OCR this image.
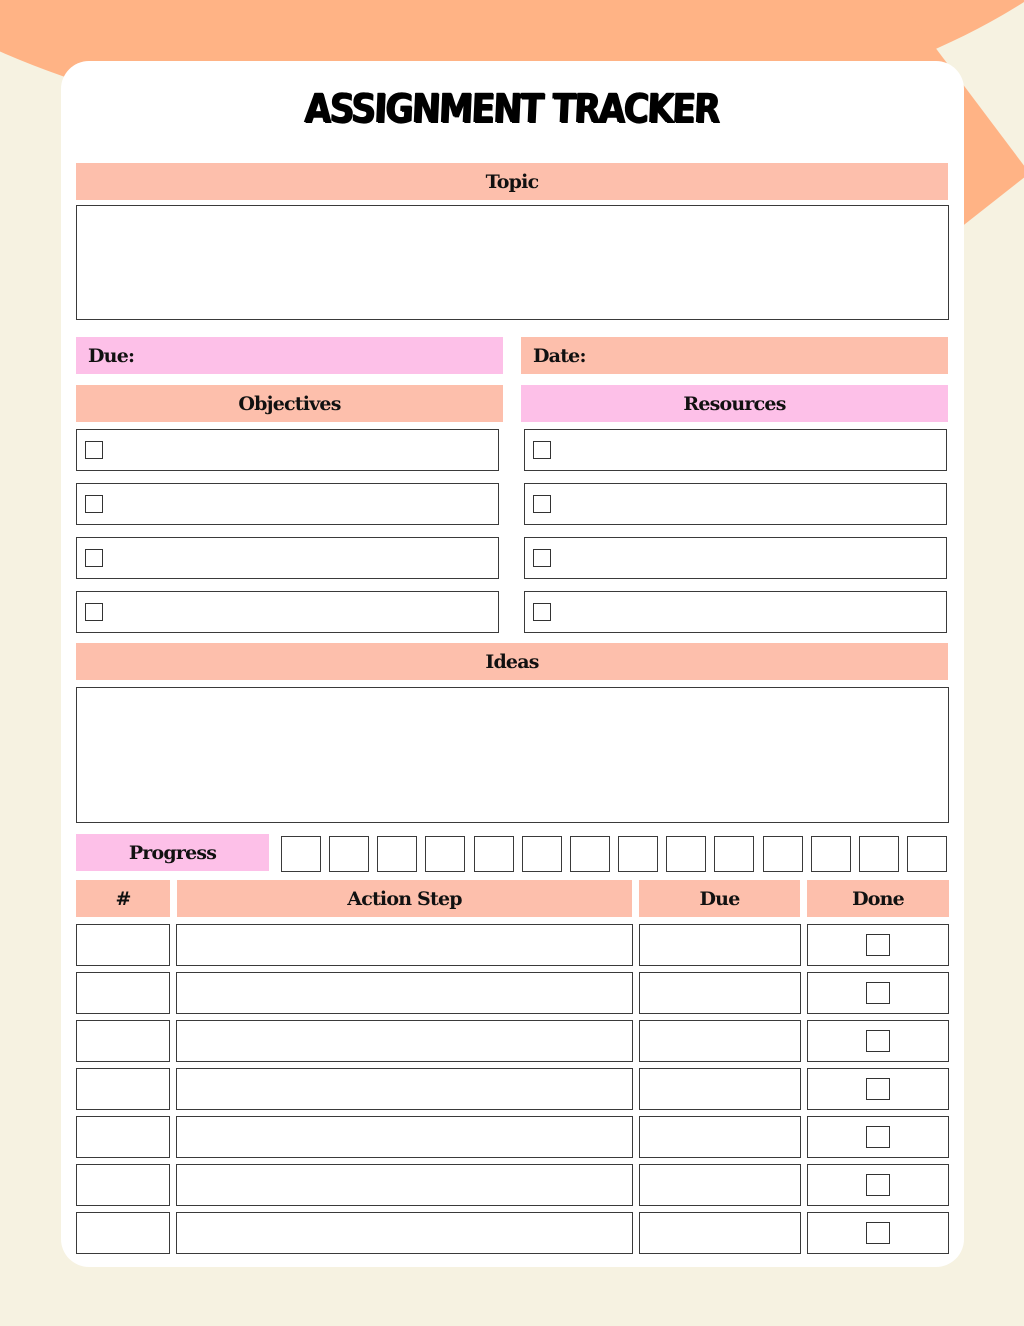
ASSIGNMENT TRACKER
Topic
Due:	Date:
Objectives	Resources
Ideas
Progress
#	Action Step	Due	Done
